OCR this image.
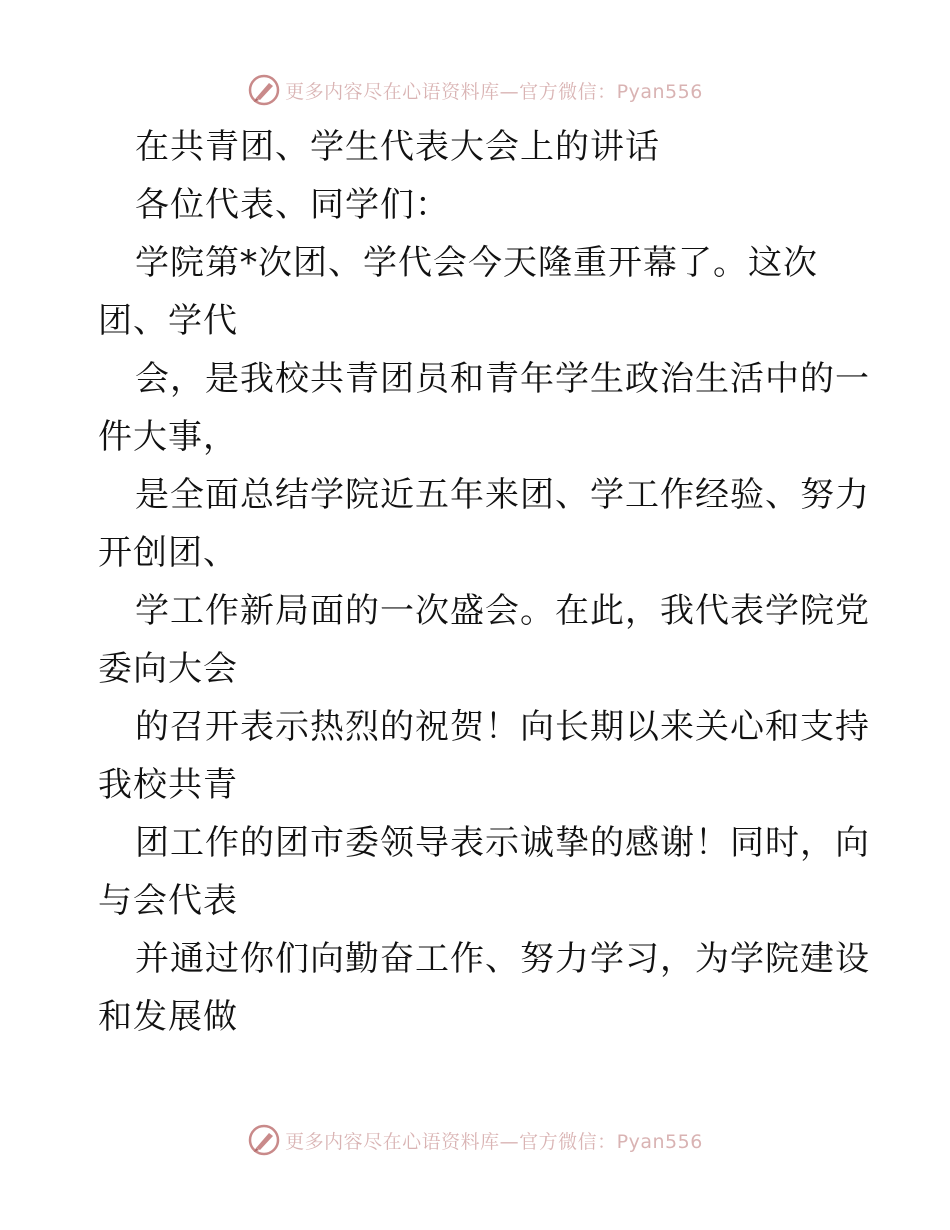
更多内容尽在心语资料库—官方微信：Pyan556
在共青团、学生代表大会上的讲话
各位代表、同学们：
学院第*次团、学代会今天隆重开幕了。这次
团、学代
会，是我校共青团员和青年学生政治生活中的一
件大事，
是全面总结学院近五年来团、学工作经验、努力
开创团、
学工作新局面的一次盛会。在此，我代表学院党
委向大会
的召开表示热烈的祝贺！向长期以来关心和支持
我校共青
团工作的团市委领导表示诚挚的感谢！同时，向
与会代表
并通过你们向勤奋工作、努力学习，为学院建设
和发展做
更多内容尽在心语资料库—官方微信：Pyan556
